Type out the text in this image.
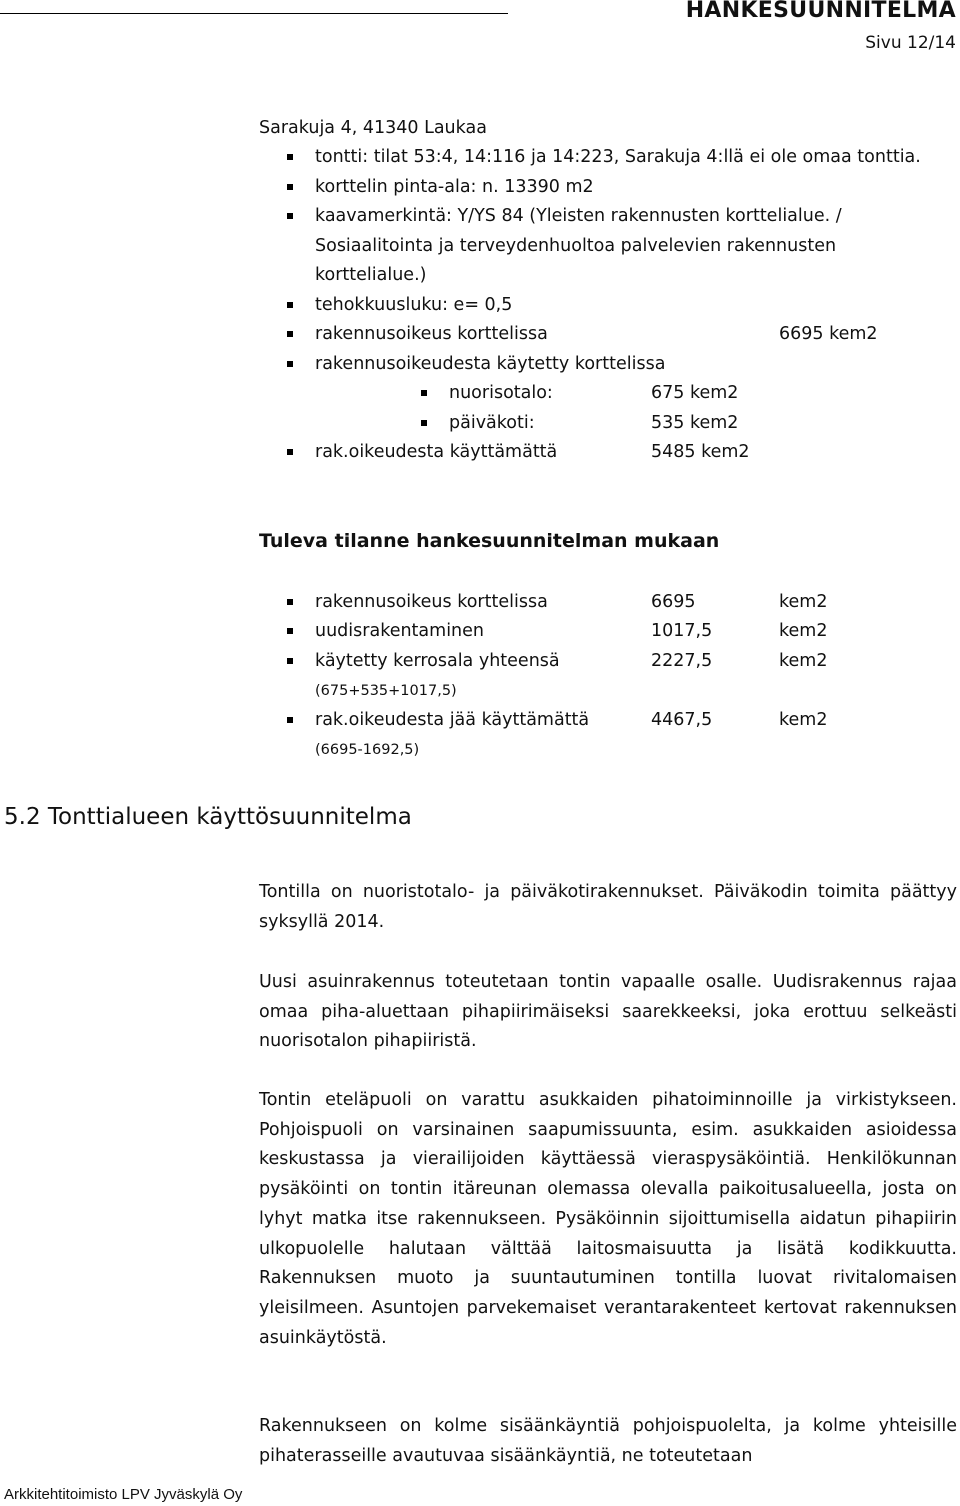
HANKESUUNNITELMA
Sivu 12/14
Sarakuja 4, 41340 Laukaa
tontti: tilat 53:4, 14:116 ja 14:223, Sarakuja 4:llä ei ole omaa tonttia.
korttelin pinta-ala: n. 13390 m2
kaavamerkintä: Y/YS 84 (Yleisten rakennusten korttelialue. /
Sosiaalitointa ja terveydenhuoltoa palvelevien rakennusten
korttelialue.)
tehokkuusluku: e= 0,5
rakennusoikeus korttelissa	6695 kem2
rakennusoikeudesta käytetty korttelissa
nuorisotalo:	675 kem2
päiväkoti:	535 kem2
rak.oikeudesta käyttämättä	5485 kem2
Tuleva tilanne hankesuunnitelman mukaan
rakennusoikeus korttelissa	6695	kem2
uudisrakentaminen	1017,5	kem2
käytetty kerrosala yhteensä	2227,5	kem2
(675+535+1017,5)
rak.oikeudesta jää käyttämättä	4467,5	kem2
(6695-1692,5)
5.2 Tonttialueen käyttösuunnitelma
Tontilla on nuoristotalo- ja päiväkotirakennukset. Päiväkodin toimita päättyy syksyllä 2014.
Uusi asuinrakennus toteutetaan tontin vapaalle osalle. Uudisrakennus rajaa omaa piha-aluettaan pihapiirimäiseksi saarekkeeksi, joka erottuu selkeästi nuorisotalon pihapiiristä.
Tontin eteläpuoli on varattu asukkaiden pihatoiminnoille ja virkistykseen. Pohjoispuoli on varsinainen saapumissuunta, esim. asukkaiden asioidessa keskustassa ja vierailijoiden käyttäessä vieraspysäköintiä. Henkilökunnan pysäköinti on tontin itäreunan olemassa olevalla paikoitusalueella, josta on lyhyt matka itse rakennukseen. Pysäköinnin sijoittumisella aidatun pihapiirin ulkopuolelle halutaan välttää laitosmaisuutta ja lisätä kodikkuutta. Rakennuksen muoto ja suuntautuminen tontilla luovat rivitalomaisen yleisilmeen. Asuntojen parvekemaiset verantarakenteet kertovat rakennuksen asuinkäytöstä.
Rakennukseen on kolme sisäänkäyntiä pohjoispuolelta, ja kolme yhteisille pihaterasseille avautuvaa sisäänkäyntiä, ne toteutetaan
Arkkitehtitoimisto LPV Jyväskylä Oy
